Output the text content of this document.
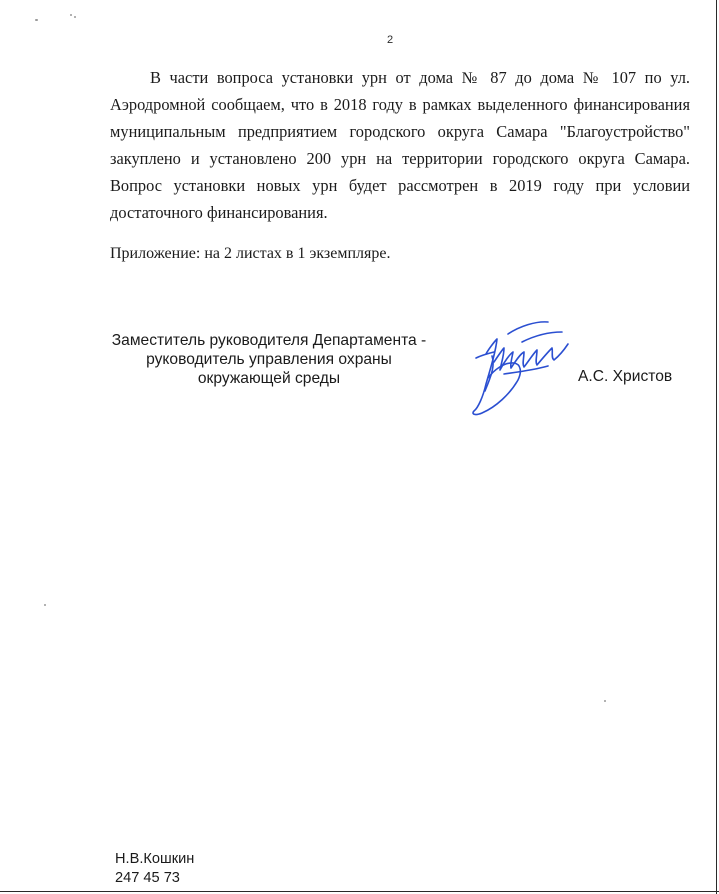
2

В части вопроса установки урн от дома № 87 до дома № 107 по ул. Аэродромной сообщаем, что в 2018 году в рамках выделенного финансирования муниципальным предприятием городского округа Самара "Благоустройство" закуплено и установлено 200 урн на территории городского округа Самара. Вопрос установки новых урн будет рассмотрен в 2019 году при условии достаточного финансирования.

Приложение: на 2 листах в 1 экземпляре.

Заместитель руководителя Департамента -
руководитель управления охраны
окружающей среды	А.С. Христов
Н.В.Кошкин
247 45 73
